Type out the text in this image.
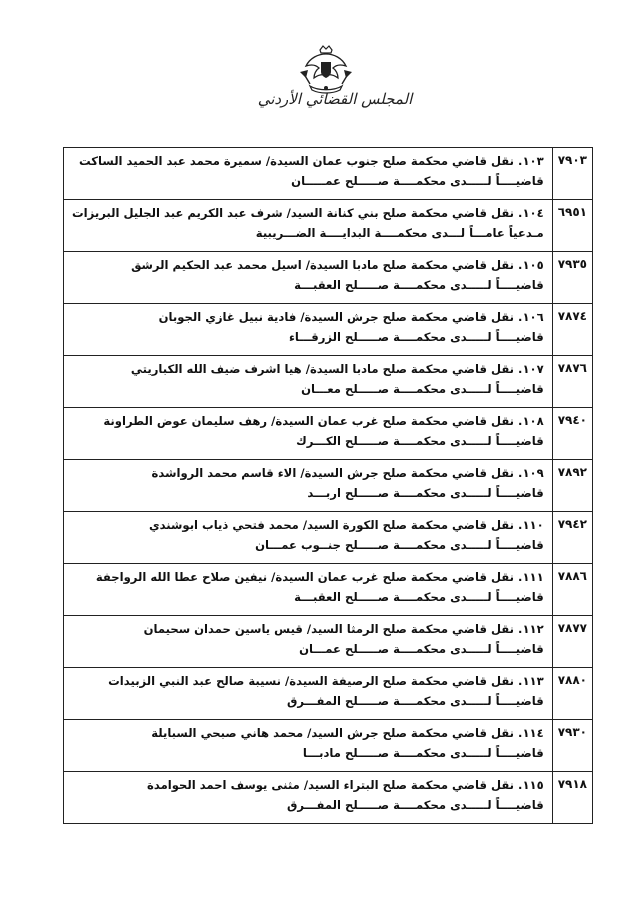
المجلس القضائي الأردني
٧٩٠٣	١٠٣. نقل قاضي محكمة صلح جنوب عمان السيدة/ سميرة محمد عبد الحميد الساكت
قاضيــــاً لـــــدى محكمــــة صـــــلح عمـــــان

٦٩٥١	١٠٤. نقل قاضي محكمة صلح بني كنانة السيد/ شرف عبد الكريم عبد الجليل البريزات
مـدعياً عامـــاً لـــدى محكمــــة البدايــــة الضـــريبية

٧٩٣٥	١٠٥. نقل قاضي محكمة صلح مادبا السيدة/ اسيل محمد عبد الحكيم الرشق
قاضيــــاً لـــــدى محكمــــة صـــــلح العقبـــة

٧٨٧٤	١٠٦. نقل قاضي محكمة صلح جرش السيدة/ فادية نبيل غازي الجوبان
قاضيــــاً لـــــدى محكمــــة صـــــلح الزرقـــاء

٧٨٧٦	١٠٧. نقل قاضي محكمة صلح مادبا السيدة/ هيا اشرف ضيف الله الكباريتي
قاضيــــاً لـــــدى محكمــــة صـــــلح معـــان

٧٩٤٠	١٠٨. نقل قاضي محكمة صلح غرب عمان السيدة/ رهف سليمان عوض الطراونة
قاضيــــاً لـــــدى محكمــــة صـــــلح الكـــرك

٧٨٩٢	١٠٩. نقل قاضي محكمة صلح جرش السيدة/ الاء قاسم محمد الرواشدة
قاضيــــاً لـــــدى محكمــــة صـــــلح اربـــد

٧٩٤٢	١١٠. نقل قاضي محكمة صلح الكورة السيد/ محمد فتحي ذياب ابوشندي
قاضيــــاً لـــــدى محكمــــة صـــــلح جنــوب عمـــان

٧٨٨٦	١١١. نقل قاضي محكمة صلح غرب عمان السيدة/ نيفين صلاح عطا الله الرواجفة
قاضيــــاً لـــــدى محكمــــة صـــــلح العقبـــة

٧٨٧٧	١١٢. نقل قاضي محكمة صلح الرمثا السيد/ قيس ياسين حمدان سحيمان
قاضيــــاً لـــــدى محكمــــة صـــــلح عمـــان

٧٨٨٠	١١٣. نقل قاضي محكمة صلح الرصيفة السيدة/ نسيبة صالح عبد النبي الزبيدات
قاضيــــاً لـــــدى محكمــــة صـــــلح المفـــرق

٧٩٣٠	١١٤. نقل قاضي محكمة صلح جرش السيد/ محمد هاني صبحي السبايلة
قاضيــــاً لـــــدى محكمــــة صـــــلح مادبـــا

٧٩١٨	١١٥. نقل قاضي محكمة صلح البتراء السيد/ مثنى يوسف احمد الحوامدة
قاضيــــاً لـــــدى محكمــــة صـــــلح المفـــرق
